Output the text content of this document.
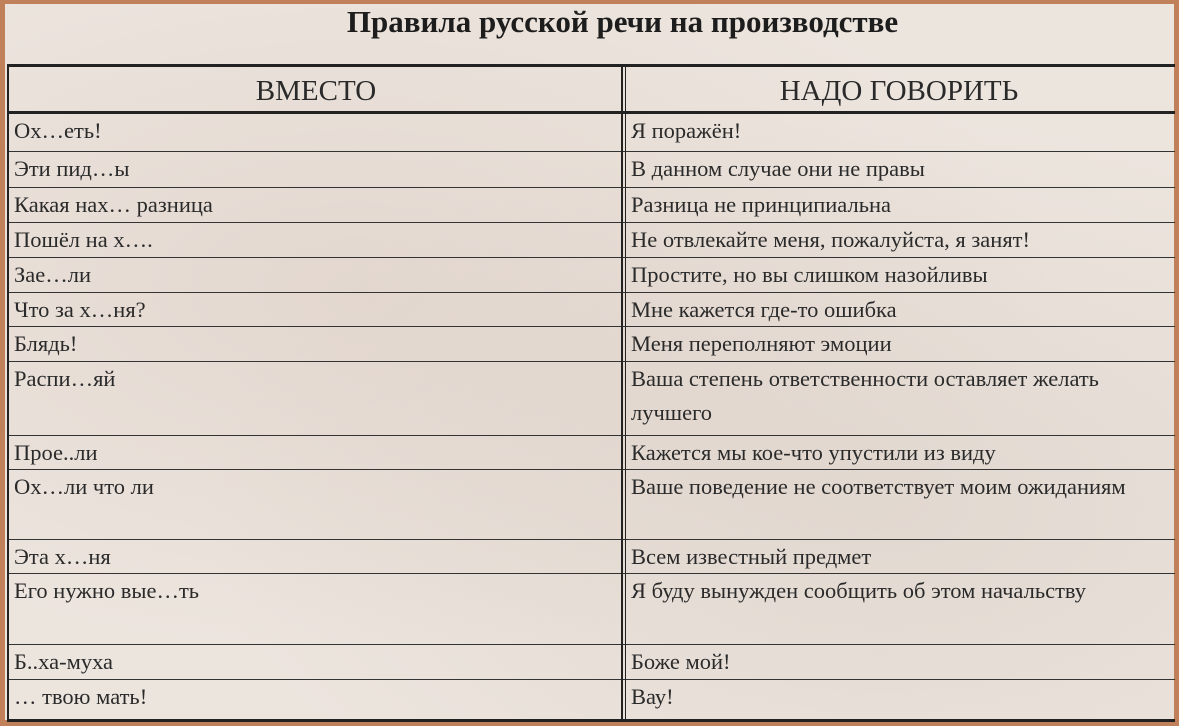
Правила русской речи на производстве
ВМЕСТО	НАДО ГОВОРИТЬ
Ох…еть!	Я поражён!
Эти пид…ы	В данном случае они не правы
Какая нах… разница	Разница не принципиальна
Пошёл на х….	Не отвлекайте меня, пожалуйста, я занят!
Зае…ли	Простите, но вы слишком назойливы
Что за х…ня?	Мне кажется где-то ошибка
Блядь!	Меня переполняют эмоции
Распи…яй	Ваша степень ответственности оставляет желать лучшего
Прое..ли	Кажется мы кое-что упустили из виду
Ох…ли что ли	Ваше поведение не соответствует моим ожиданиям
Эта х…ня	Всем известный предмет
Его нужно вые…ть	Я буду вынужден сообщить об этом начальству
Б..ха-муха	Боже мой!
… твою мать!	Вау!
